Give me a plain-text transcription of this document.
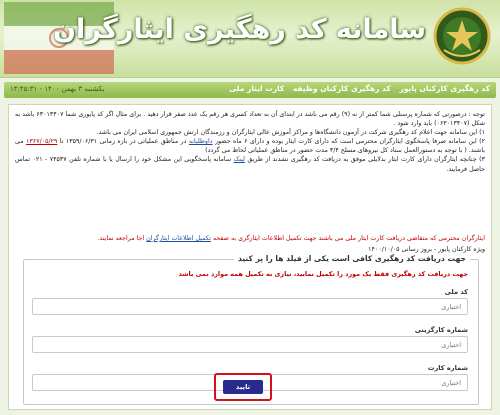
سامانه کد رهگیری ایثارگران
کد رهگیری کارکنان پایور کد رهگیری کارکنان وظیفه کارت ایثار ملی
یکشنبه ۳ بهمن ۱۴۰۰ - ۱۴:۴۵:۳۱
توجه : درصورتی که شماره پرسنلی شما کمتر از نه (۹) رقم می باشد در ابتدای آن به تعداد کسری هر رقم یک عدد صفر قرار دهید . برای مثال اگر کد پایوری شما ۶۳۰۱۳۴۰۷ باشد به شکل (۰۶۳۰۱۳۴۰۷) باید وارد شود .
۱) این سامانه جهت اعلام کد رهگیری شرکت در آزمون دانشگاه‌ها و مراکز آموزش عالی ایثارگران و رزمندگان ارتش جمهوری اسلامی ایران می باشد.
۲) این سامانه صرفا پاسخگوی ایثارگران محترمی است که دارای کارت ایثار بوده و دارای ۶ ماه حضور داوطلبانه در مناطق عملیاتی در بازه زمانی ۱۳۵۹/۰۶/۳۱ تا ۱۳۶۷/۰۵/۲۹ می باشند. ( با توجه به دستورالعمل ستاد کل نیروهای مسلح ۳/۴ مدت حضور در مناطق عملیاتی لحاظ می گردد)
۳) چنانچه ایثارگران دارای کارت ایثار بدلایلی موفق به دریافت کد رهگیری نشدند از طریق لینک سامانه پاسخگویی این مشکل خود را ارسال یا با شماره تلفن ۷۴۵۳۷ - ۰۲۱ تماس حاصل فرمایند.
ایثارگران محترمی که متقاضی دریافت کارت ایثار ملی می باشند جهت تکمیل اطلاعات ایثارگری به صفحه تکمیل اطلاعات ایثارگران اجا مراجعه نمایند.
ویژه کارکنان پایور - بروز رسانی ۱۴۰۰/۱۰/۰۵
جهت دریافت کد رهگیری کافی است یکی از فیلد ها را پر کنید
جهت دریافت کد رهگیری فقط یک مورد را تکمیل نمایید، نیازی به تکمیل همه موارد نمی باشد
کد ملی
اختیاری
شماره کارگزینی
اختیاری
شماره کارت
اختیاری
تایید
